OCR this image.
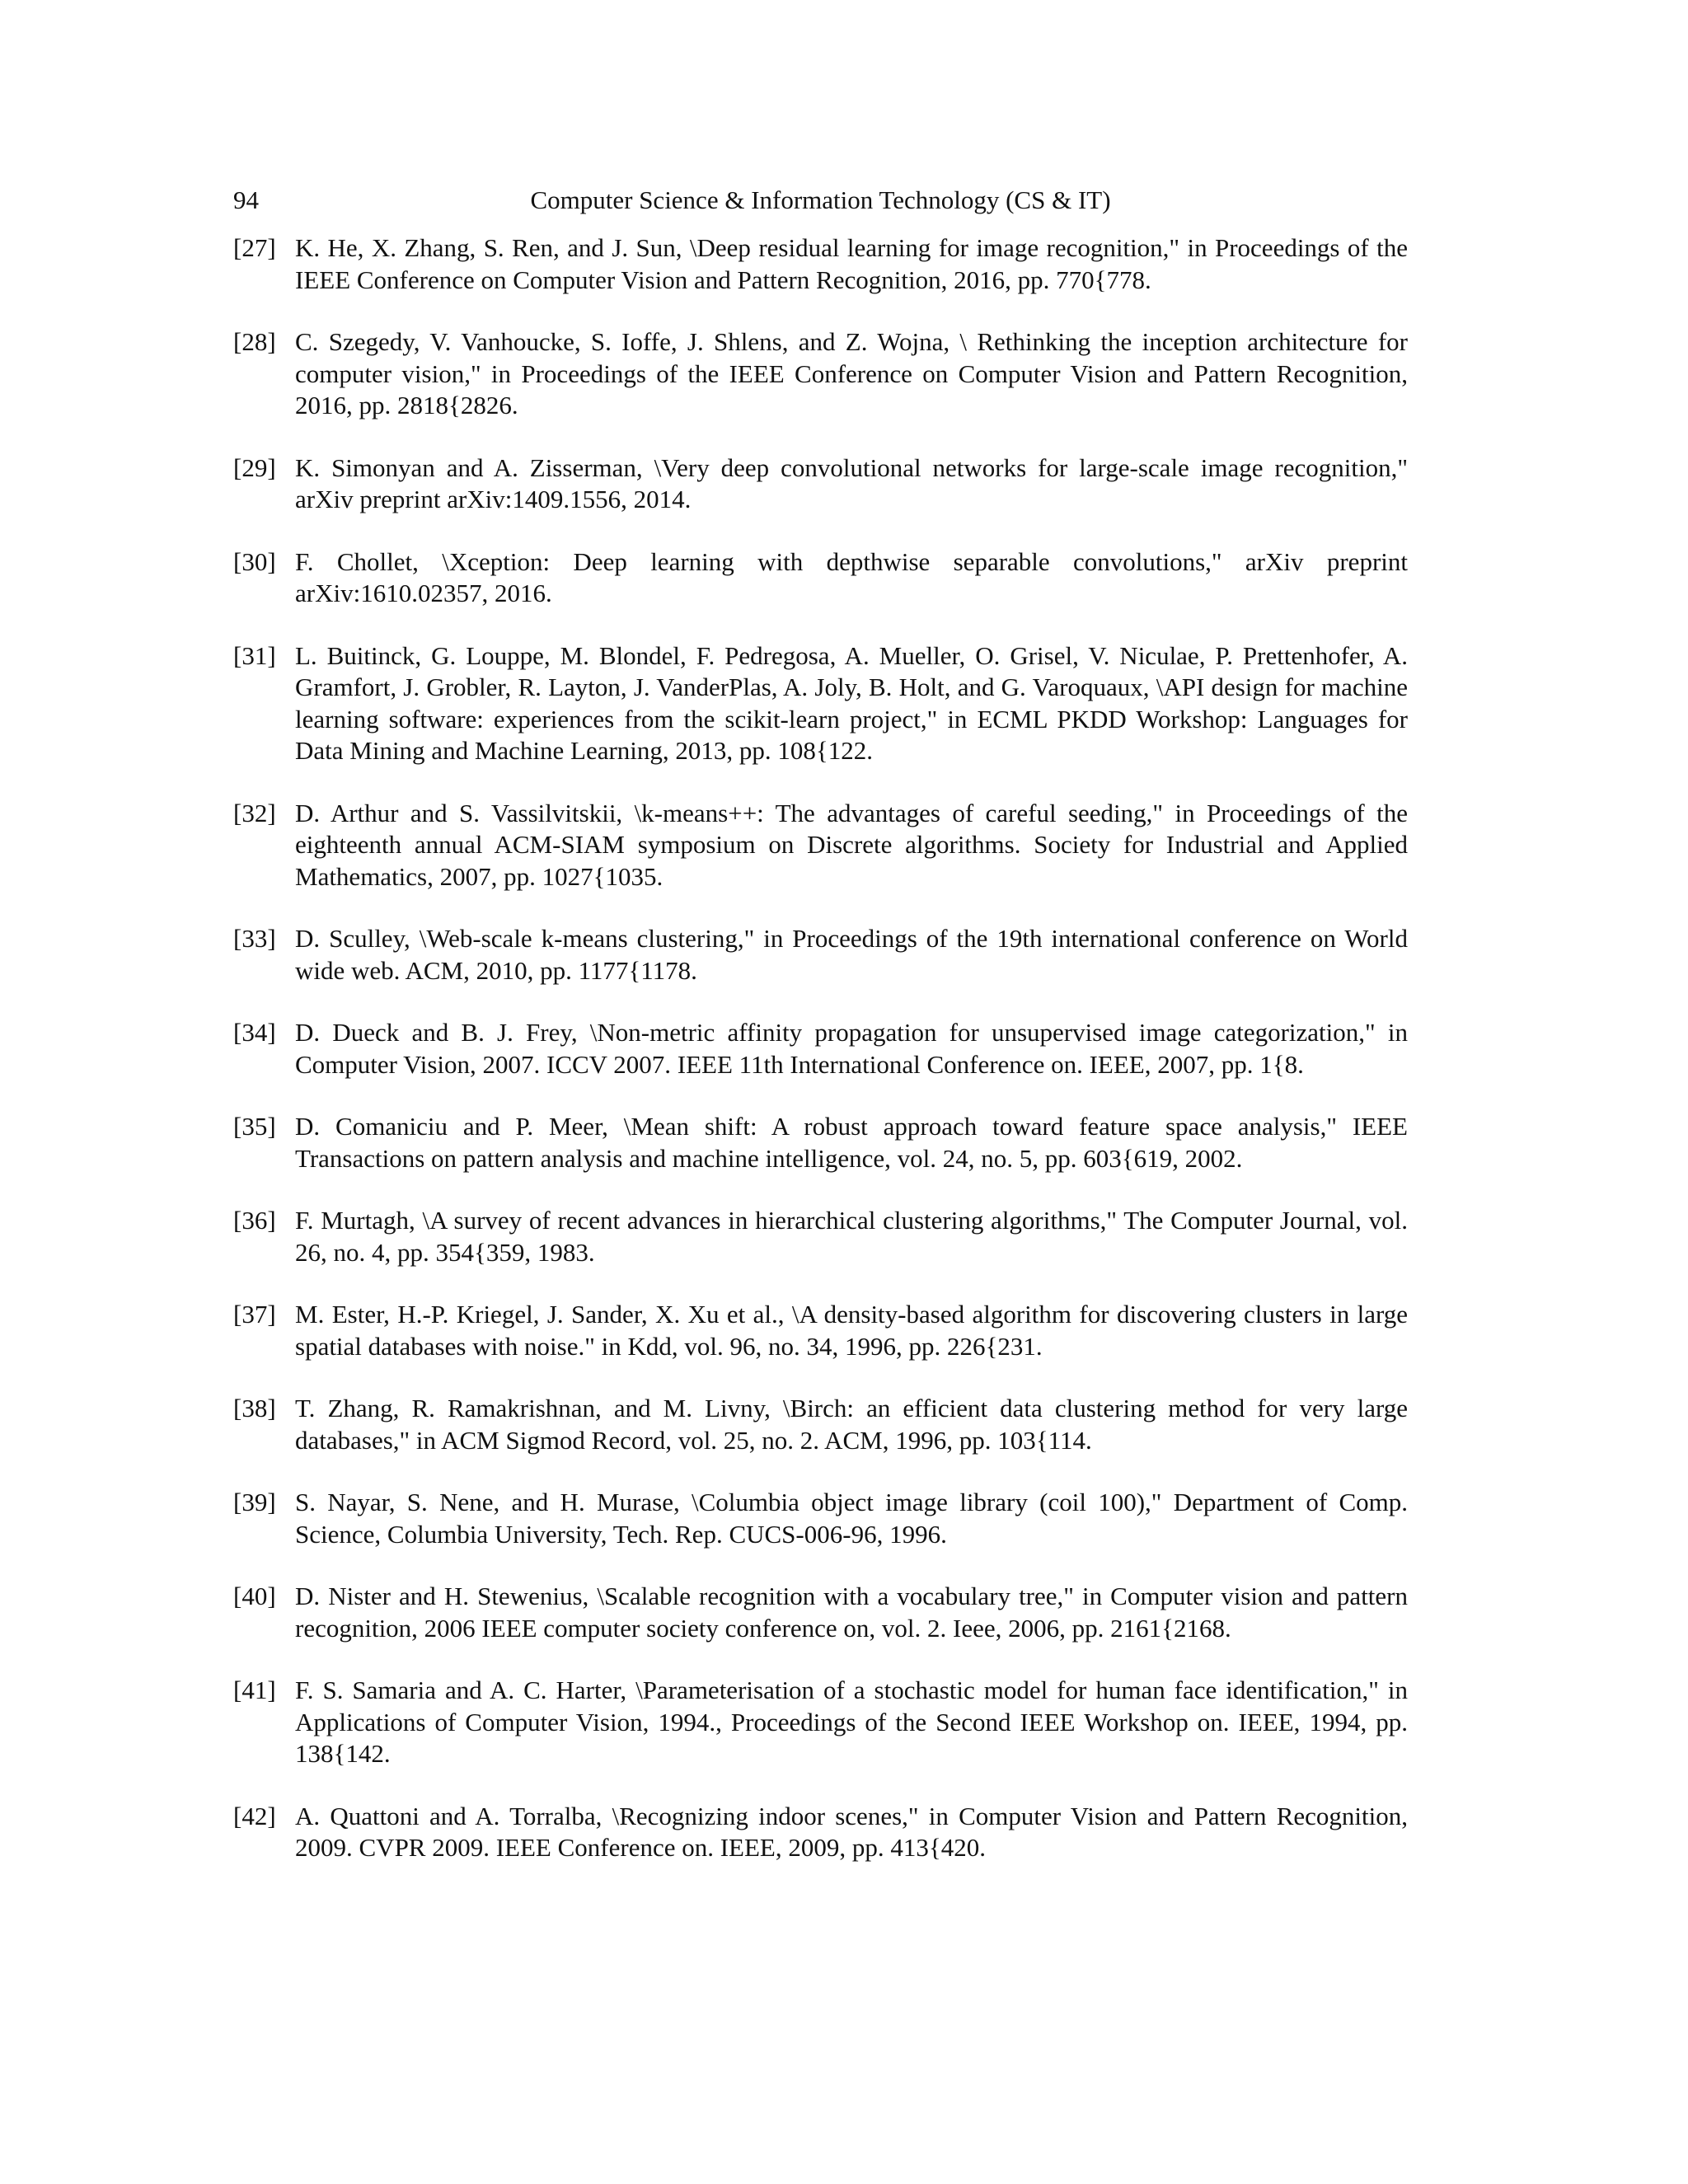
94	Computer Science & Information Technology (CS & IT)
[27] K. He, X. Zhang, S. Ren, and J. Sun, \Deep residual learning for image recognition," in Proceedings of the IEEE Conference on Computer Vision and Pattern Recognition, 2016, pp. 770{778.
[28] C. Szegedy, V. Vanhoucke, S. Ioffe, J. Shlens, and Z. Wojna, \ Rethinking the inception architecture for computer vision," in Proceedings of the IEEE Conference on Computer Vision and Pattern Recognition, 2016, pp. 2818{2826.
[29] K. Simonyan and A. Zisserman, \Very deep convolutional networks for large-scale image recognition," arXiv preprint arXiv:1409.1556, 2014.
[30] F. Chollet, \Xception: Deep learning with depthwise separable convolutions," arXiv preprint arXiv:1610.02357, 2016.
[31] L. Buitinck, G. Louppe, M. Blondel, F. Pedregosa, A. Mueller, O. Grisel, V. Niculae, P. Prettenhofer, A. Gramfort, J. Grobler, R. Layton, J. VanderPlas, A. Joly, B. Holt, and G. Varoquaux, \API design for machine learning software: experiences from the scikit-learn project," in ECML PKDD Workshop: Languages for Data Mining and Machine Learning, 2013, pp. 108{122.
[32] D. Arthur and S. Vassilvitskii, \k-means++: The advantages of careful seeding," in Proceedings of the eighteenth annual ACM-SIAM symposium on Discrete algorithms. Society for Industrial and Applied Mathematics, 2007, pp. 1027{1035.
[33] D. Sculley, \Web-scale k-means clustering," in Proceedings of the 19th international conference on World wide web. ACM, 2010, pp. 1177{1178.
[34] D. Dueck and B. J. Frey, \Non-metric affinity propagation for unsupervised image categorization," in Computer Vision, 2007. ICCV 2007. IEEE 11th International Conference on. IEEE, 2007, pp. 1{8.
[35] D. Comaniciu and P. Meer, \Mean shift: A robust approach toward feature space analysis," IEEE Transactions on pattern analysis and machine intelligence, vol. 24, no. 5, pp. 603{619, 2002.
[36] F. Murtagh, \A survey of recent advances in hierarchical clustering algorithms," The Computer Journal, vol. 26, no. 4, pp. 354{359, 1983.
[37] M. Ester, H.-P. Kriegel, J. Sander, X. Xu et al., \A density-based algorithm for discovering clusters in large spatial databases with noise." in Kdd, vol. 96, no. 34, 1996, pp. 226{231.
[38] T. Zhang, R. Ramakrishnan, and M. Livny, \Birch: an efficient data clustering method for very large databases," in ACM Sigmod Record, vol. 25, no. 2. ACM, 1996, pp. 103{114.
[39] S. Nayar, S. Nene, and H. Murase, \Columbia object image library (coil 100)," Department of Comp. Science, Columbia University, Tech. Rep. CUCS-006-96, 1996.
[40] D. Nister and H. Stewenius, \Scalable recognition with a vocabulary tree," in Computer vision and pattern recognition, 2006 IEEE computer society conference on, vol. 2. Ieee, 2006, pp. 2161{2168.
[41] F. S. Samaria and A. C. Harter, \Parameterisation of a stochastic model for human face identification," in Applications of Computer Vision, 1994., Proceedings of the Second IEEE Workshop on. IEEE, 1994, pp. 138{142.
[42] A. Quattoni and A. Torralba, \Recognizing indoor scenes," in Computer Vision and Pattern Recognition, 2009. CVPR 2009. IEEE Conference on. IEEE, 2009, pp. 413{420.
